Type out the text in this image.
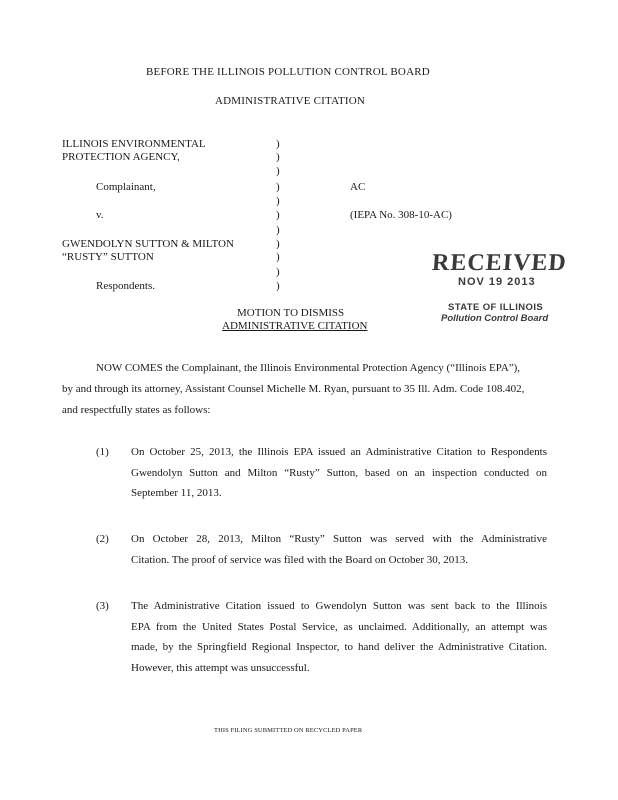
BEFORE THE ILLINOIS POLLUTION CONTROL BOARD
ADMINISTRATIVE CITATION
ILLINOIS ENVIRONMENTAL
PROTECTION AGENCY,
Complainant,
v.
GWENDOLYN SUTTON & MILTON
“RUSTY” SUTTON
Respondents.
)
)
)
)
)
)
)
)
)
)
)
AC
(IEPA No. 308-10-AC)
RECEIVED
NOV 19 2013
STATE OF ILLINOIS
Pollution Control Board
MOTION TO DISMISS
ADMINISTRATIVE CITATION
NOW COMES the Complainant, the Illinois Environmental Protection Agency (“Illinois EPA”),
by and through its attorney, Assistant Counsel Michelle M. Ryan, pursuant to 35 Ill. Adm. Code 108.402,
and respectfully states as follows:
(1) On October 25, 2013, the Illinois EPA issued an Administrative Citation to Respondents
Gwendolyn Sutton and Milton “Rusty” Sutton, based on an inspection conducted on
September 11, 2013.
(2) On October 28, 2013, Milton “Rusty” Sutton was served with the Administrative
Citation. The proof of service was filed with the Board on October 30, 2013.
(3) The Administrative Citation issued to Gwendolyn Sutton was sent back to the Illinois
EPA from the United States Postal Service, as unclaimed. Additionally, an attempt was
made, by the Springfield Regional Inspector, to hand deliver the Administrative Citation.
However, this attempt was unsuccessful.
THIS FILING SUBMITTED ON RECYCLED PAPER
